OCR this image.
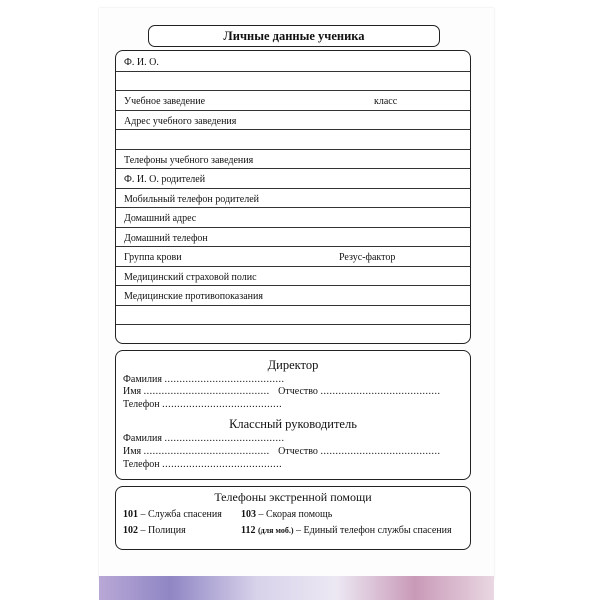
Личные данные ученика
Ф. И. О.
Учебное заведение	класс
Адрес учебного заведения
Телефоны учебного заведения
Ф. И. О. родителей
Мобильный телефон родителей
Домашний адрес
Домашний телефон
Группа крови	Резус-фактор
Медицинский страховой полис
Медицинские противопоказания
Директор
Фамилия ........................................
Имя .......................................... Отчество ........................................
Телефон ........................................
Классный руководитель
Фамилия ........................................
Имя .......................................... Отчество ........................................
Телефон ........................................
Телефоны экстренной помощи
101 – Служба спасения 103 – Скорая помощь
102 – Полиция	112 (для моб.) – Единый телефон службы спасения
